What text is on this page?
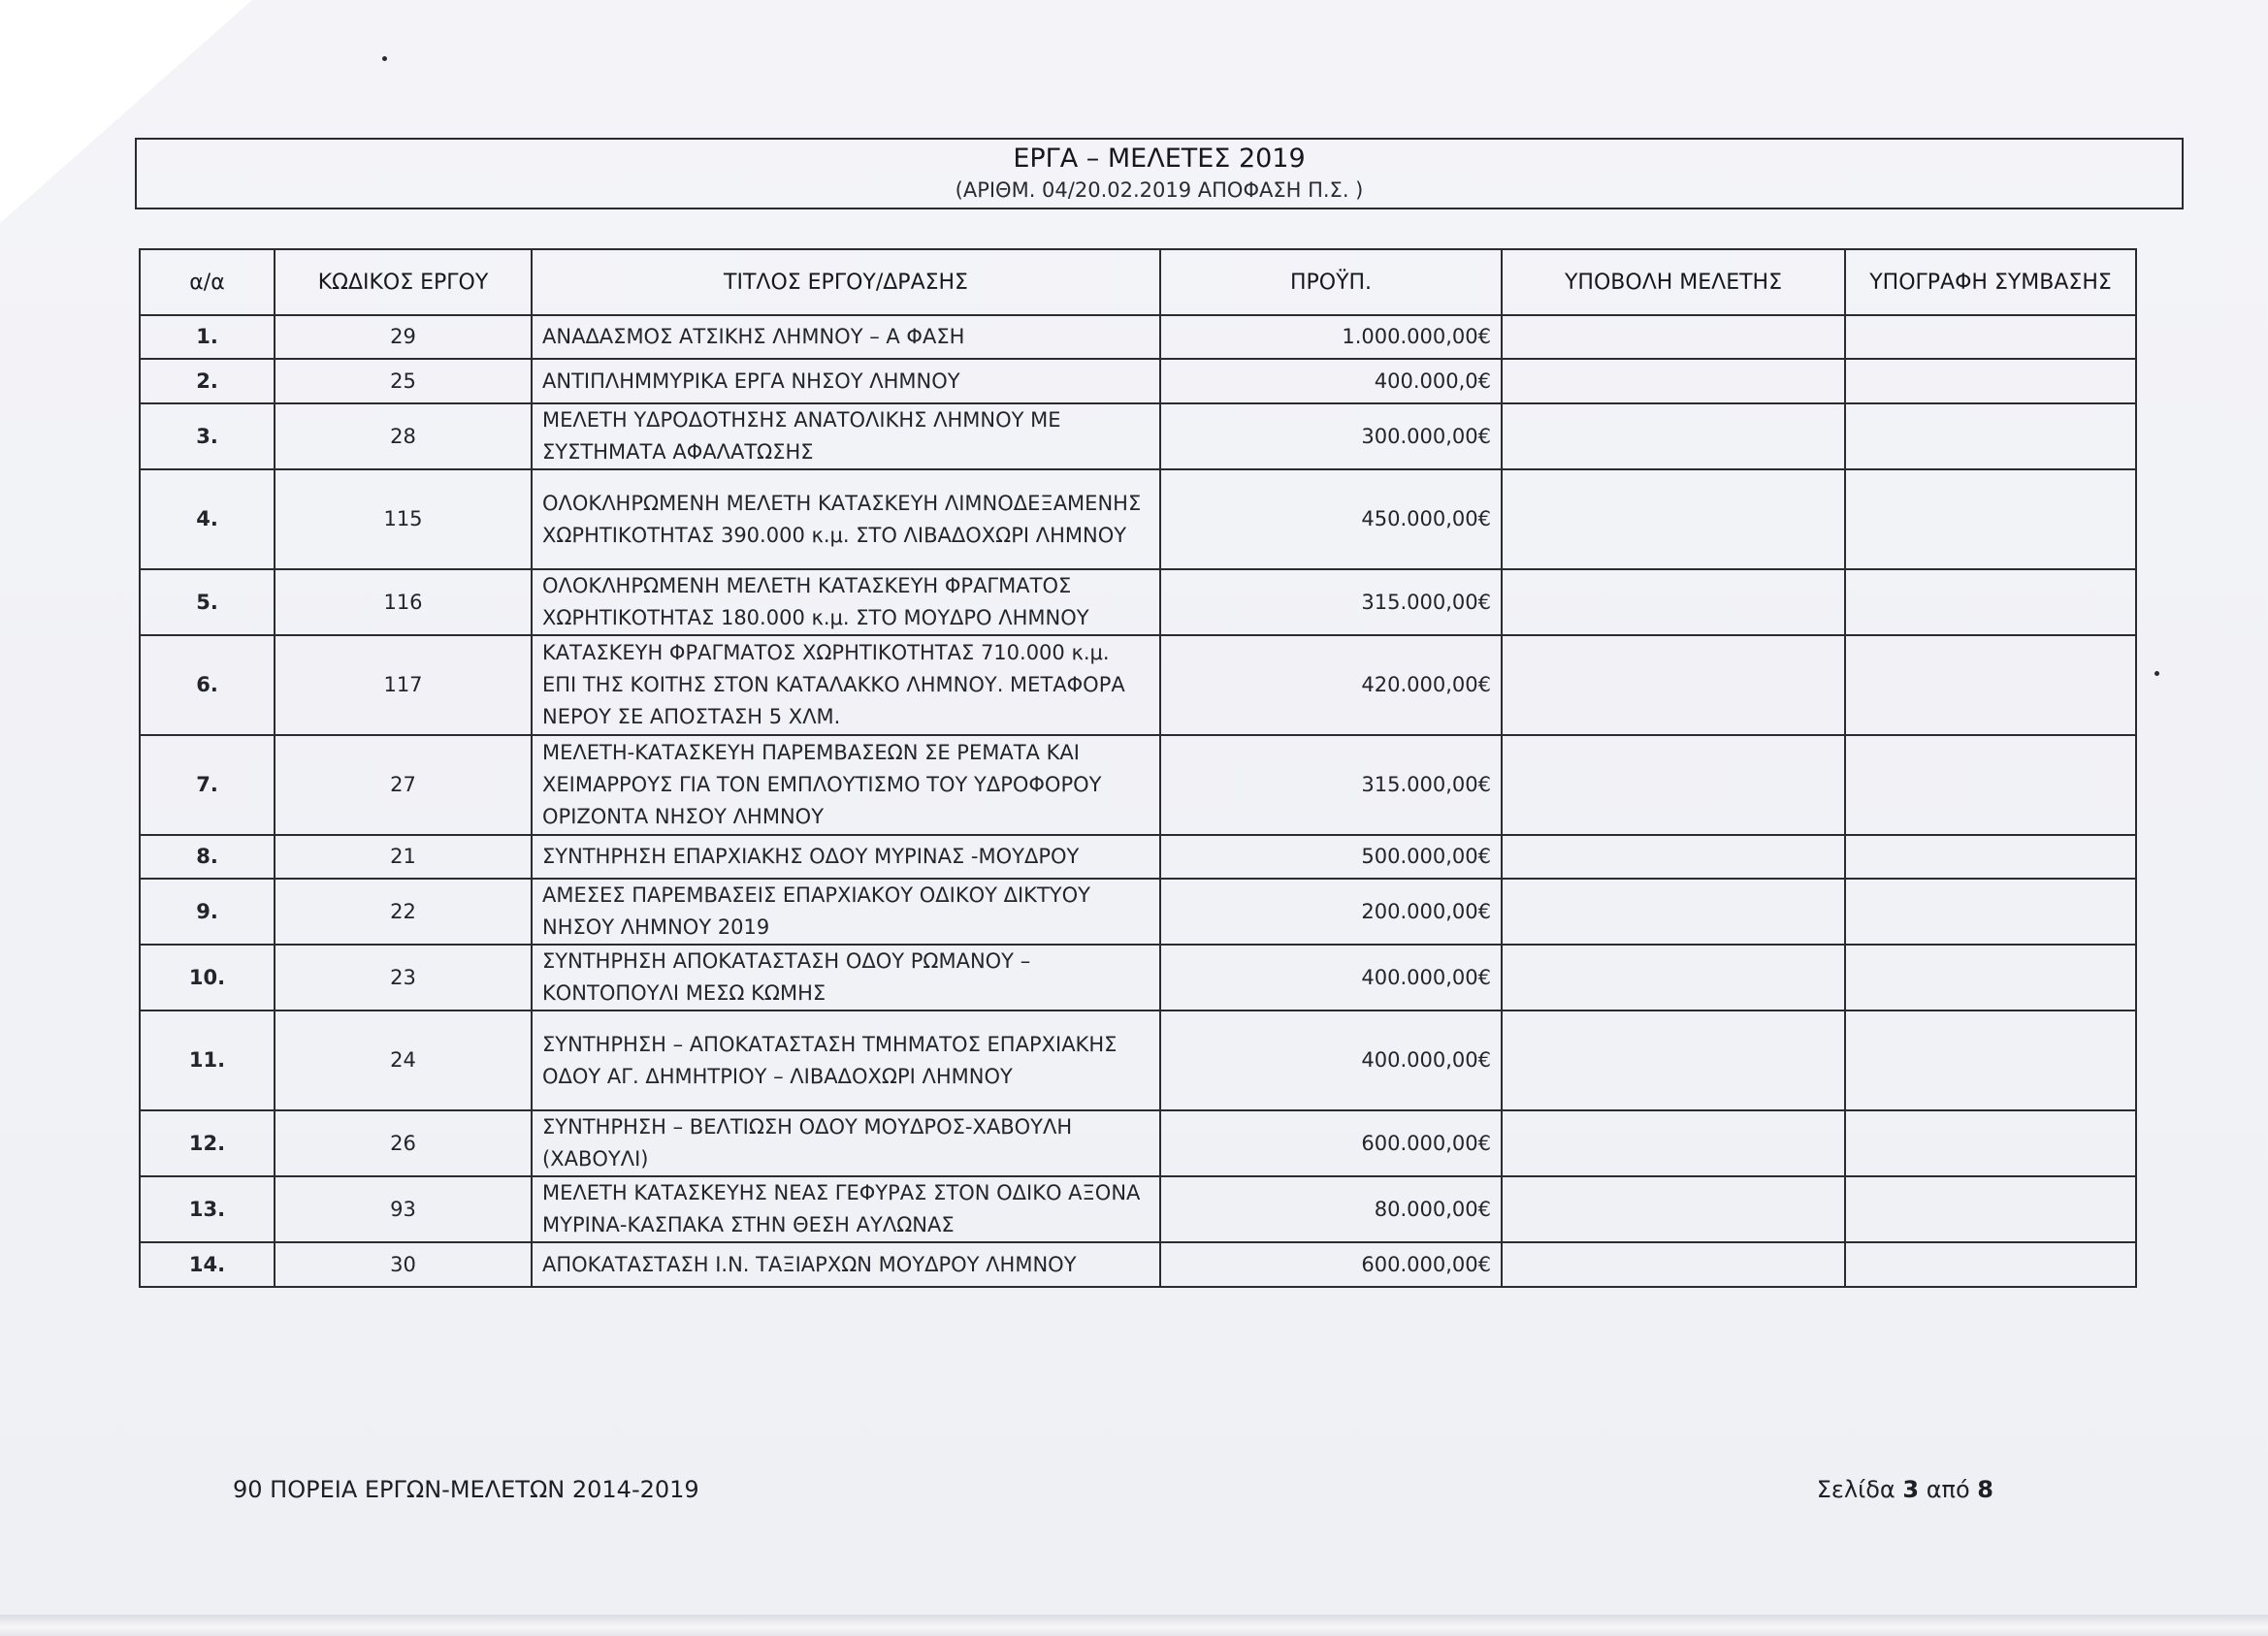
ΕΡΓΑ – ΜΕΛΕΤΕΣ 2019
(ΑΡΙΘΜ. 04/20.02.2019 ΑΠΟΦΑΣΗ Π.Σ. )
α/α	ΚΩΔΙΚΟΣ ΕΡΓΟΥ	ΤΙΤΛΟΣ ΕΡΓΟΥ/ΔΡΑΣΗΣ	ΠΡΟΫΠ.	ΥΠΟΒΟΛΗ ΜΕΛΕΤΗΣ	ΥΠΟΓΡΑΦΗ ΣΥΜΒΑΣΗΣ
1.	29	ΑΝΑΔΑΣΜΟΣ ΑΤΣΙΚΗΣ ΛΗΜΝΟΥ – Α ΦΑΣΗ	1.000.000,00€		
2.	25	ΑΝΤΙΠΛΗΜΜΥΡΙΚΑ ΕΡΓΑ ΝΗΣΟΥ ΛΗΜΝΟΥ	400.000,0€		
3.	28	ΜΕΛΕΤΗ ΥΔΡΟΔΟΤΗΣΗΣ ΑΝΑΤΟΛΙΚΗΣ ΛΗΜΝΟΥ ΜΕ ΣΥΣΤΗΜΑΤΑ ΑΦΑΛΑΤΩΣΗΣ	300.000,00€		
4.	115	ΟΛΟΚΛΗΡΩΜΕΝΗ ΜΕΛΕΤΗ ΚΑΤΑΣΚΕΥΗ ΛΙΜΝΟΔΕΞΑΜΕΝΗΣ ΧΩΡΗΤΙΚΟΤΗΤΑΣ 390.000 κ.μ. ΣΤΟ ΛΙΒΑΔΟΧΩΡΙ ΛΗΜΝΟΥ	450.000,00€		
5.	116	ΟΛΟΚΛΗΡΩΜΕΝΗ ΜΕΛΕΤΗ ΚΑΤΑΣΚΕΥΗ ΦΡΑΓΜΑΤΟΣ ΧΩΡΗΤΙΚΟΤΗΤΑΣ 180.000 κ.μ. ΣΤΟ ΜΟΥΔΡΟ ΛΗΜΝΟΥ	315.000,00€		
6.	117	ΚΑΤΑΣΚΕΥΗ ΦΡΑΓΜΑΤΟΣ ΧΩΡΗΤΙΚΟΤΗΤΑΣ 710.000 κ.μ. ΕΠΙ ΤΗΣ ΚΟΙΤΗΣ ΣΤΟΝ ΚΑΤΑΛΑΚΚΟ ΛΗΜΝΟΥ. ΜΕΤΑΦΟΡΑ ΝΕΡΟΥ ΣΕ ΑΠΟΣΤΑΣΗ 5 ΧΛΜ.	420.000,00€		
7.	27	ΜΕΛΕΤΗ-ΚΑΤΑΣΚΕΥΗ ΠΑΡΕΜΒΑΣΕΩΝ ΣΕ ΡΕΜΑΤΑ ΚΑΙ ΧΕΙΜΑΡΡΟΥΣ ΓΙΑ ΤΟΝ ΕΜΠΛΟΥΤΙΣΜΟ ΤΟΥ ΥΔΡΟΦΟΡΟΥ ΟΡΙΖΟΝΤΑ ΝΗΣΟΥ ΛΗΜΝΟΥ	315.000,00€		
8.	21	ΣΥΝΤΗΡΗΣΗ ΕΠΑΡΧΙΑΚΗΣ ΟΔΟΥ ΜΥΡΙΝΑΣ -ΜΟΥΔΡΟΥ	500.000,00€		
9.	22	ΑΜΕΣΕΣ ΠΑΡΕΜΒΑΣΕΙΣ ΕΠΑΡΧΙΑΚΟΥ ΟΔΙΚΟΥ ΔΙΚΤΥΟΥ ΝΗΣΟΥ ΛΗΜΝΟΥ 2019	200.000,00€		
10.	23	ΣΥΝΤΗΡΗΣΗ ΑΠΟΚΑΤΑΣΤΑΣΗ ΟΔΟΥ ΡΩΜΑΝΟΥ – ΚΟΝΤΟΠΟΥΛΙ ΜΕΣΩ ΚΩΜΗΣ	400.000,00€		
11.	24	ΣΥΝΤΗΡΗΣΗ – ΑΠΟΚΑΤΑΣΤΑΣΗ ΤΜΗΜΑΤΟΣ ΕΠΑΡΧΙΑΚΗΣ ΟΔΟΥ ΑΓ. ΔΗΜΗΤΡΙΟΥ – ΛΙΒΑΔΟΧΩΡΙ ΛΗΜΝΟΥ	400.000,00€		
12.	26	ΣΥΝΤΗΡΗΣΗ – ΒΕΛΤΙΩΣΗ ΟΔΟΥ ΜΟΥΔΡΟΣ-ΧΑΒΟΥΛΗ (ΧΑΒΟΥΛΙ)	600.000,00€		
13.	93	ΜΕΛΕΤΗ ΚΑΤΑΣΚΕΥΗΣ ΝΕΑΣ ΓΕΦΥΡΑΣ ΣΤΟΝ ΟΔΙΚΟ ΑΞΟΝΑ ΜΥΡΙΝΑ-ΚΑΣΠΑΚΑ ΣΤΗΝ ΘΕΣΗ ΑΥΛΩΝΑΣ	80.000,00€		
14.	30	ΑΠΟΚΑΤΑΣΤΑΣΗ Ι.Ν. ΤΑΞΙΑΡΧΩΝ ΜΟΥΔΡΟΥ ΛΗΜΝΟΥ	600.000,00€		
90 ΠΟΡΕΙΑ ΕΡΓΩΝ-ΜΕΛΕΤΩΝ 2014-2019	Σελίδα 3 από 8
